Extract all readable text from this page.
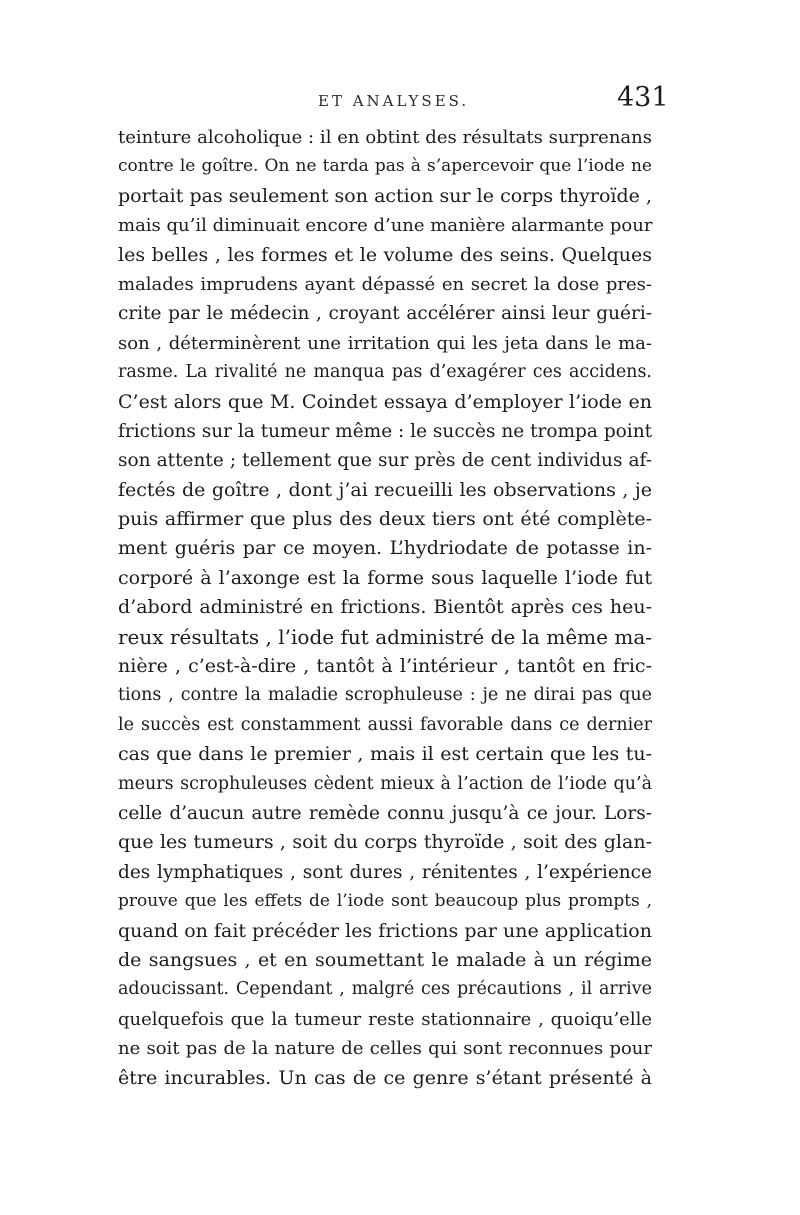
ET ANALYSES.	431
teinture alcoholique : il en obtint des résultats surprenans
contre le goître. On ne tarda pas à s’apercevoir que l’iode ne
portait pas seulement son action sur le corps thyroïde ,
mais qu’il diminuait encore d’une manière alarmante pour
les belles , les formes et le volume des seins. Quelques
malades imprudens ayant dépassé en secret la dose pres-
crite par le médecin , croyant accélérer ainsi leur guéri-
son , déterminèrent une irritation qui les jeta dans le ma-
rasme. La rivalité ne manqua pas d’exagérer ces accidens.
C’est alors que M. Coindet essaya d’employer l’iode en
frictions sur la tumeur même : le succès ne trompa point
son attente ; tellement que sur près de cent individus af-
fectés de goître , dont j’ai recueilli les observations , je
puis affirmer que plus des deux tiers ont été complète-
ment guéris par ce moyen. L’hydriodate de potasse in-
corporé à l’axonge est la forme sous laquelle l’iode fut
d’abord administré en frictions. Bientôt après ces heu-
reux résultats , l’iode fut administré de la même ma-
nière , c’est-à-dire , tantôt à l’intérieur , tantôt en fric-
tions , contre la maladie scrophuleuse : je ne dirai pas que
le succès est constamment aussi favorable dans ce dernier
cas que dans le premier , mais il est certain que les tu-
meurs scrophuleuses cèdent mieux à l’action de l’iode qu’à
celle d’aucun autre remède connu jusqu’à ce jour. Lors-
que les tumeurs , soit du corps thyroïde , soit des glan-
des lymphatiques , sont dures , rénitentes , l’expérience
prouve que les effets de l’iode sont beaucoup plus prompts ,
quand on fait précéder les frictions par une application
de sangsues , et en soumettant le malade à un régime
adoucissant. Cependant , malgré ces précautions , il arrive
quelquefois que la tumeur reste stationnaire , quoiqu’elle
ne soit pas de la nature de celles qui sont reconnues pour
être incurables. Un cas de ce genre s’étant présenté à
